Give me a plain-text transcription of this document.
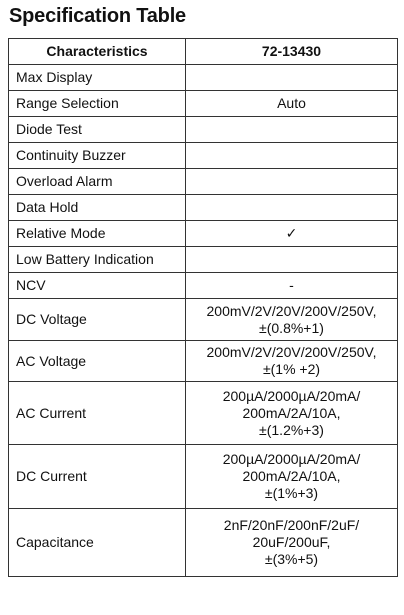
Specification Table
Characteristics	72-13430
Max Display	
Range Selection	Auto
Diode Test	
Continuity Buzzer	
Overload Alarm	
Data Hold	
Relative Mode	✓
Low Battery Indication	
NCV	-
DC Voltage	200mV/2V/20V/200V/250V,
±(0.8%+1)
AC Voltage	200mV/2V/20V/200V/250V,
±(1% +2)
AC Current	200µA/2000µA/20mA/
200mA/2A/10A,
±(1.2%+3)
DC Current	200µA/2000µA/20mA/
200mA/2A/10A,
±(1%+3)
Capacitance	2nF/20nF/200nF/2uF/
20uF/200uF,
±(3%+5)
